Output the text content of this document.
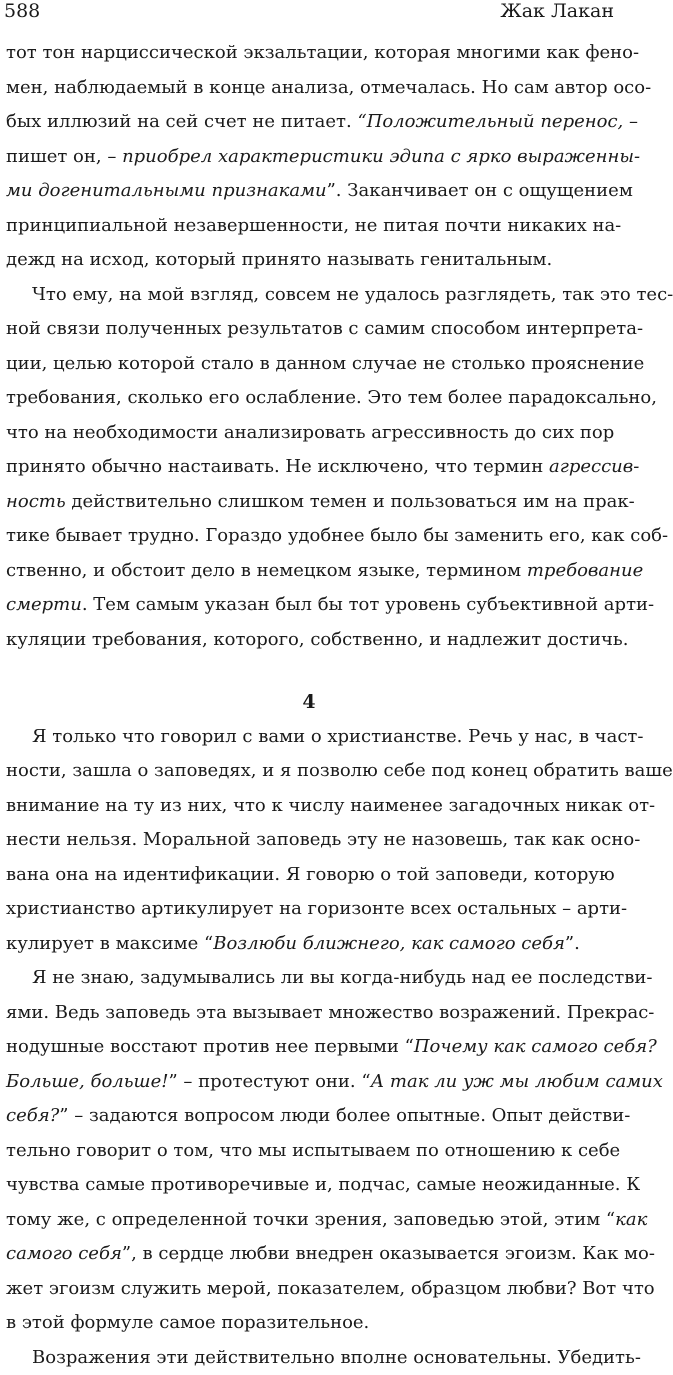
588	Жак Лакан
тот тон нарциссической экзальтации, которая многими как фено-
мен, наблюдаемый в конце анализа, отмечалась. Но сам автор осо-
бых иллюзий на сей счет не питает. “Положительный перенос, –
пишет он, – приобрел характеристики эдипа с ярко выраженны-
ми догенитальными признаками”. Заканчивает он с ощущением
принципиальной незавершенности, не питая почти никаких на-
дежд на исход, который принято называть генитальным.
Что ему, на мой взгляд, совсем не удалось разглядеть, так это тес-
ной связи полученных результатов с самим способом интерпрета-
ции, целью которой стало в данном случае не столько прояснение
требования, сколько его ослабление. Это тем более парадоксально,
что на необходимости анализировать агрессивность до сих пор
принято обычно настаивать. Не исключено, что термин агрессив-
ность действительно слишком темен и пользоваться им на прак-
тике бывает трудно. Гораздо удобнее было бы заменить его, как соб-
ственно, и обстоит дело в немецком языке, термином требование
смерти. Тем самым указан был бы тот уровень субъективной арти-
куляции требования, которого, собственно, и надлежит достичь.
4
Я только что говорил с вами о христианстве. Речь у нас, в част-
ности, зашла о заповедях, и я позволю себе под конец обратить ваше
внимание на ту из них, что к числу наименее загадочных никак от-
нести нельзя. Моральной заповедь эту не назовешь, так как осно-
вана она на идентификации. Я говорю о той заповеди, которую
христианство артикулирует на горизонте всех остальных – арти-
кулирует в максиме “Возлюби ближнего, как самого себя”.
Я не знаю, задумывались ли вы когда-нибудь над ее последстви-
ями. Ведь заповедь эта вызывает множество возражений. Прекрас-
нодушные восстают против нее первыми “Почему как самого себя?
Больше, больше!” – протестуют они. “А так ли уж мы любим самих
себя?” – задаются вопросом люди более опытные. Опыт действи-
тельно говорит о том, что мы испытываем по отношению к себе
чувства самые противоречивые и, подчас, самые неожиданные. К
тому же, с определенной точки зрения, заповедью этой, этим “как
самого себя”, в сердце любви внедрен оказывается эгоизм. Как мо-
жет эгоизм служить мерой, показателем, образцом любви? Вот что
в этой формуле самое поразительное.
Возражения эти действительно вполне основательны. Убедить-
